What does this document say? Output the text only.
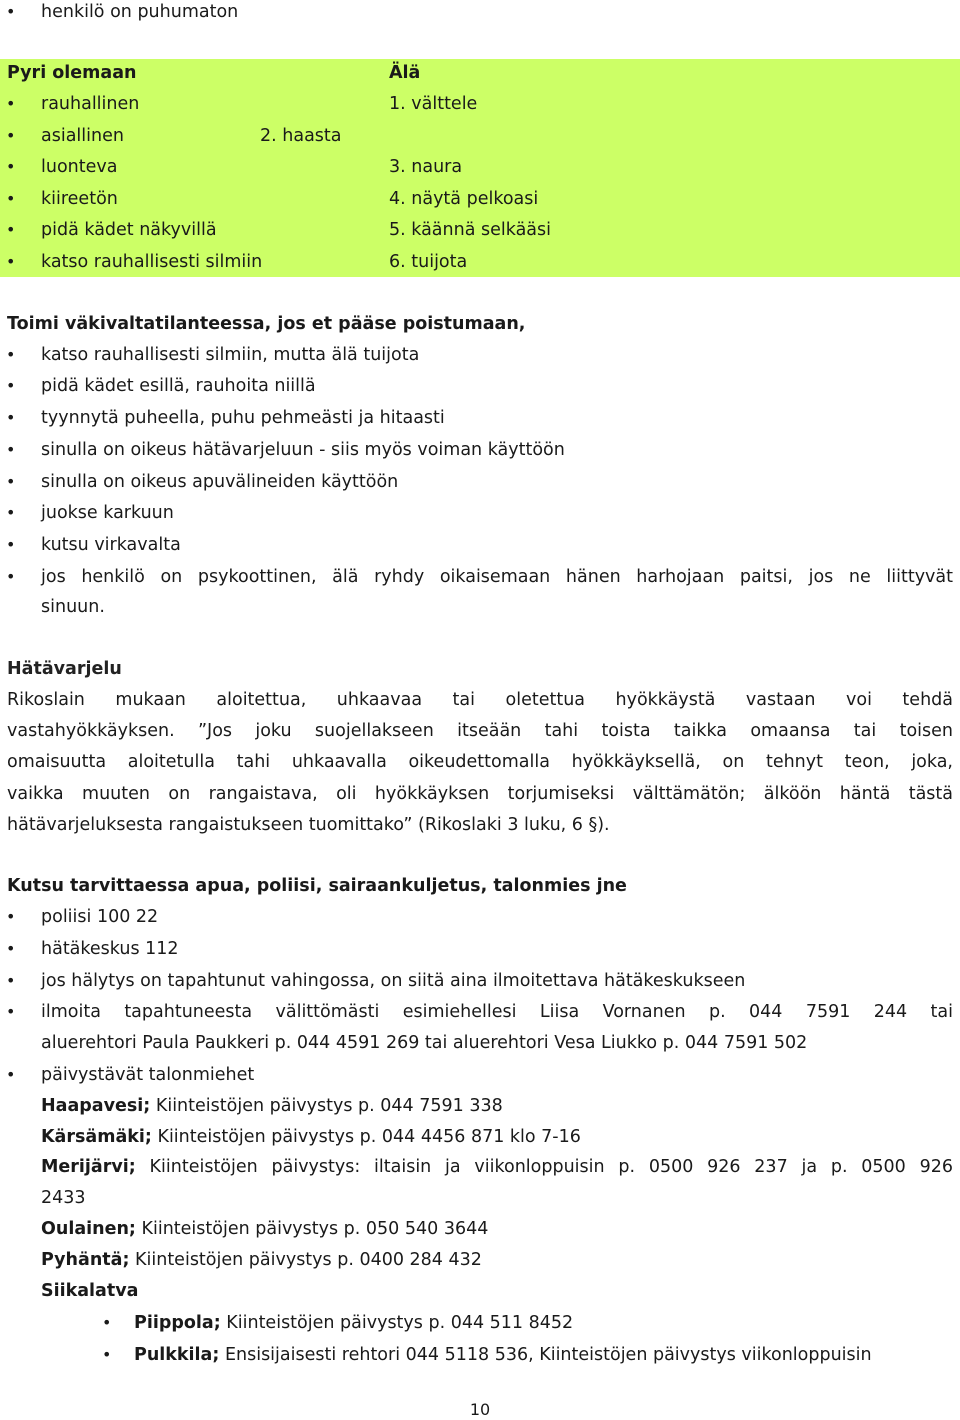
• henkilö on puhumaton
Pyri olemaan	Älä
• rauhallinen	1. välttele
• asiallinen	2. haasta
• luonteva	3. naura
• kiireetön	4. näytä pelkoasi
• pidä kädet näkyvillä	5. käännä selkääsi
• katso rauhallisesti silmiin	6. tuijota
Toimi väkivaltatilanteessa, jos et pääse poistumaan,
• katso rauhallisesti silmiin, mutta älä tuijota
• pidä kädet esillä, rauhoita niillä
• tyynnytä puheella, puhu pehmeästi ja hitaasti
• sinulla on oikeus hätävarjeluun - siis myös voiman käyttöön
• sinulla on oikeus apuvälineiden käyttöön
• juokse karkuun
• kutsu virkavalta
• jos henkilö on psykoottinen, älä ryhdy oikaisemaan hänen harhojaan paitsi, jos ne liittyvät
sinuun.
Hätävarjelu
Rikoslain mukaan aloitettua, uhkaavaa tai oletettua hyökkäystä vastaan voi tehdä
vastahyökkäyksen. ”Jos joku suojellakseen itseään tahi toista taikka omaansa tai toisen
omaisuutta aloitetulla tahi uhkaavalla oikeudettomalla hyökkäyksellä, on tehnyt teon, joka,
vaikka muuten on rangaistava, oli hyökkäyksen torjumiseksi välttämätön; älköön häntä tästä
hätävarjeluksesta rangaistukseen tuomittako” (Rikoslaki 3 luku, 6 §).
Kutsu tarvittaessa apua, poliisi, sairaankuljetus, talonmies jne
• poliisi 100 22
• hätäkeskus 112
• jos hälytys on tapahtunut vahingossa, on siitä aina ilmoitettava hätäkeskukseen
• ilmoita tapahtuneesta välittömästi esimiehellesi Liisa Vornanen p. 044 7591 244 tai
aluerehtori Paula Paukkeri p. 044 4591 269 tai aluerehtori Vesa Liukko p. 044 7591 502
• päivystävät talonmiehet
Haapavesi; Kiinteistöjen päivystys p. 044 7591 338
Kärsämäki; Kiinteistöjen päivystys p. 044 4456 871 klo 7-16
Merijärvi; Kiinteistöjen päivystys: iltaisin ja viikonloppuisin p. 0500 926 237 ja p. 0500 926
2433
Oulainen; Kiinteistöjen päivystys p. 050 540 3644
Pyhäntä; Kiinteistöjen päivystys p. 0400 284 432
Siikalatva
• Piippola; Kiinteistöjen päivystys p. 044 511 8452
• Pulkkila; Ensisijaisesti rehtori 044 5118 536, Kiinteistöjen päivystys viikonloppuisin
10
